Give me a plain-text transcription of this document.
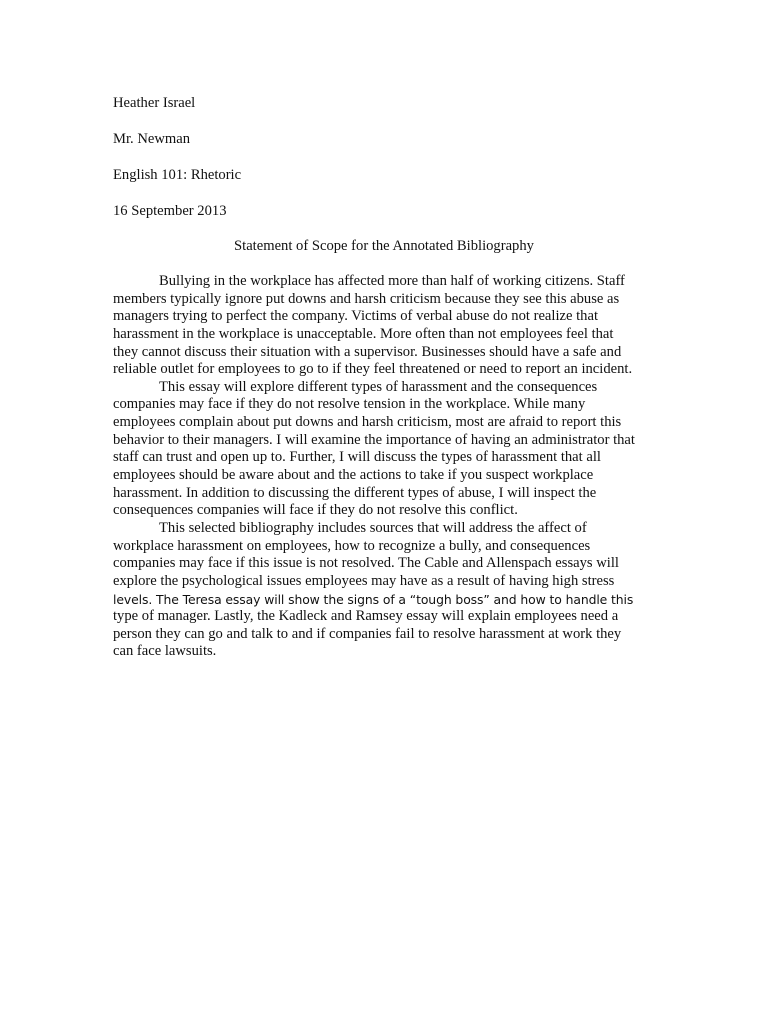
Heather Israel
Mr. Newman
English 101: Rhetoric
16 September 2013
Statement of Scope for the Annotated Bibliography
Bullying in the workplace has affected more than half of working citizens. Staff
members typically ignore put downs and harsh criticism because they see this abuse as
managers trying to perfect the company. Victims of verbal abuse do not realize that
harassment in the workplace is unacceptable. More often than not employees feel that
they cannot discuss their situation with a supervisor. Businesses should have a safe and
reliable outlet for employees to go to if they feel threatened or need to report an incident.
This essay will explore different types of harassment and the consequences
companies may face if they do not resolve tension in the workplace. While many
employees complain about put downs and harsh criticism, most are afraid to report this
behavior to their managers. I will examine the importance of having an administrator that
staff can trust and open up to. Further, I will discuss the types of harassment that all
employees should be aware about and the actions to take if you suspect workplace
harassment. In addition to discussing the different types of abuse, I will inspect the
consequences companies will face if they do not resolve this conflict.
This selected bibliography includes sources that will address the affect of
workplace harassment on employees, how to recognize a bully, and consequences
companies may face if this issue is not resolved. The Cable and Allenspach essays will
explore the psychological issues employees may have as a result of having high stress
levels. The Teresa essay will show the signs of a “tough boss” and how to handle this
type of manager. Lastly, the Kadleck and Ramsey essay will explain employees need a
person they can go and talk to and if companies fail to resolve harassment at work they
can face lawsuits.
